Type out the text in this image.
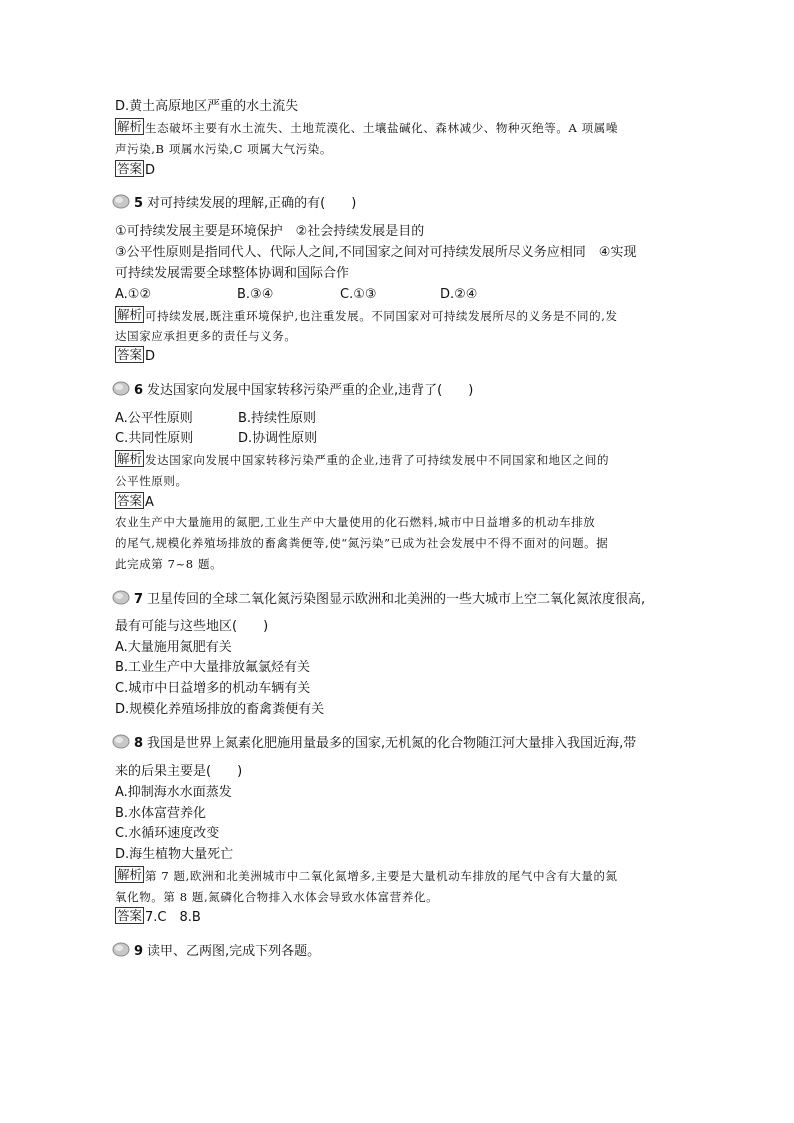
D.黄土高原地区严重的水土流失
解析 生态破坏主要有水土流失、土地荒漠化、土壤盐碱化、森林减少、物种灭绝等。A 项属噪
声污染,B 项属水污染,C 项属大气污染。
答案 D
5 对可持续发展的理解,正确的有(　　)
①可持续发展主要是环境保护　②社会持续发展是目的
③公平性原则是指同代人、代际人之间,不同国家之间对可持续发展所尽义务应相同　④实现
可持续发展需要全球整体协调和国际合作
A.①②	B.③④	C.①③	D.②④
解析 可持续发展,既注重环境保护,也注重发展。不同国家对可持续发展所尽的义务是不同的,发
达国家应承担更多的责任与义务。
答案 D
6 发达国家向发展中国家转移污染严重的企业,违背了(　　)
A.公平性原则	B.持续性原则
C.共同性原则	D.协调性原则
解析 发达国家向发展中国家转移污染严重的企业,违背了可持续发展中不同国家和地区之间的
公平性原则。
答案 A
农业生产中大量施用的氮肥,工业生产中大量使用的化石燃料,城市中日益增多的机动车排放
的尾气,规模化养殖场排放的畜禽粪便等,使“氮污染”已成为社会发展中不得不面对的问题。据
此完成第 7~8 题。
7 卫星传回的全球二氧化氮污染图显示欧洲和北美洲的一些大城市上空二氧化氮浓度很高,
最有可能与这些地区(　　)
A.大量施用氮肥有关
B.工业生产中大量排放氟氯烃有关
C.城市中日益增多的机动车辆有关
D.规模化养殖场排放的畜禽粪便有关
8 我国是世界上氮素化肥施用量最多的国家,无机氮的化合物随江河大量排入我国近海,带
来的后果主要是(　　)
A.抑制海水水面蒸发
B.水体富营养化
C.水循环速度改变
D.海生植物大量死亡
解析 第 7 题,欧洲和北美洲城市中二氧化氮增多,主要是大量机动车排放的尾气中含有大量的氮
氧化物。第 8 题,氮磷化合物排入水体会导致水体富营养化。
答案 7.C　8.B
9 读甲、乙两图,完成下列各题。
